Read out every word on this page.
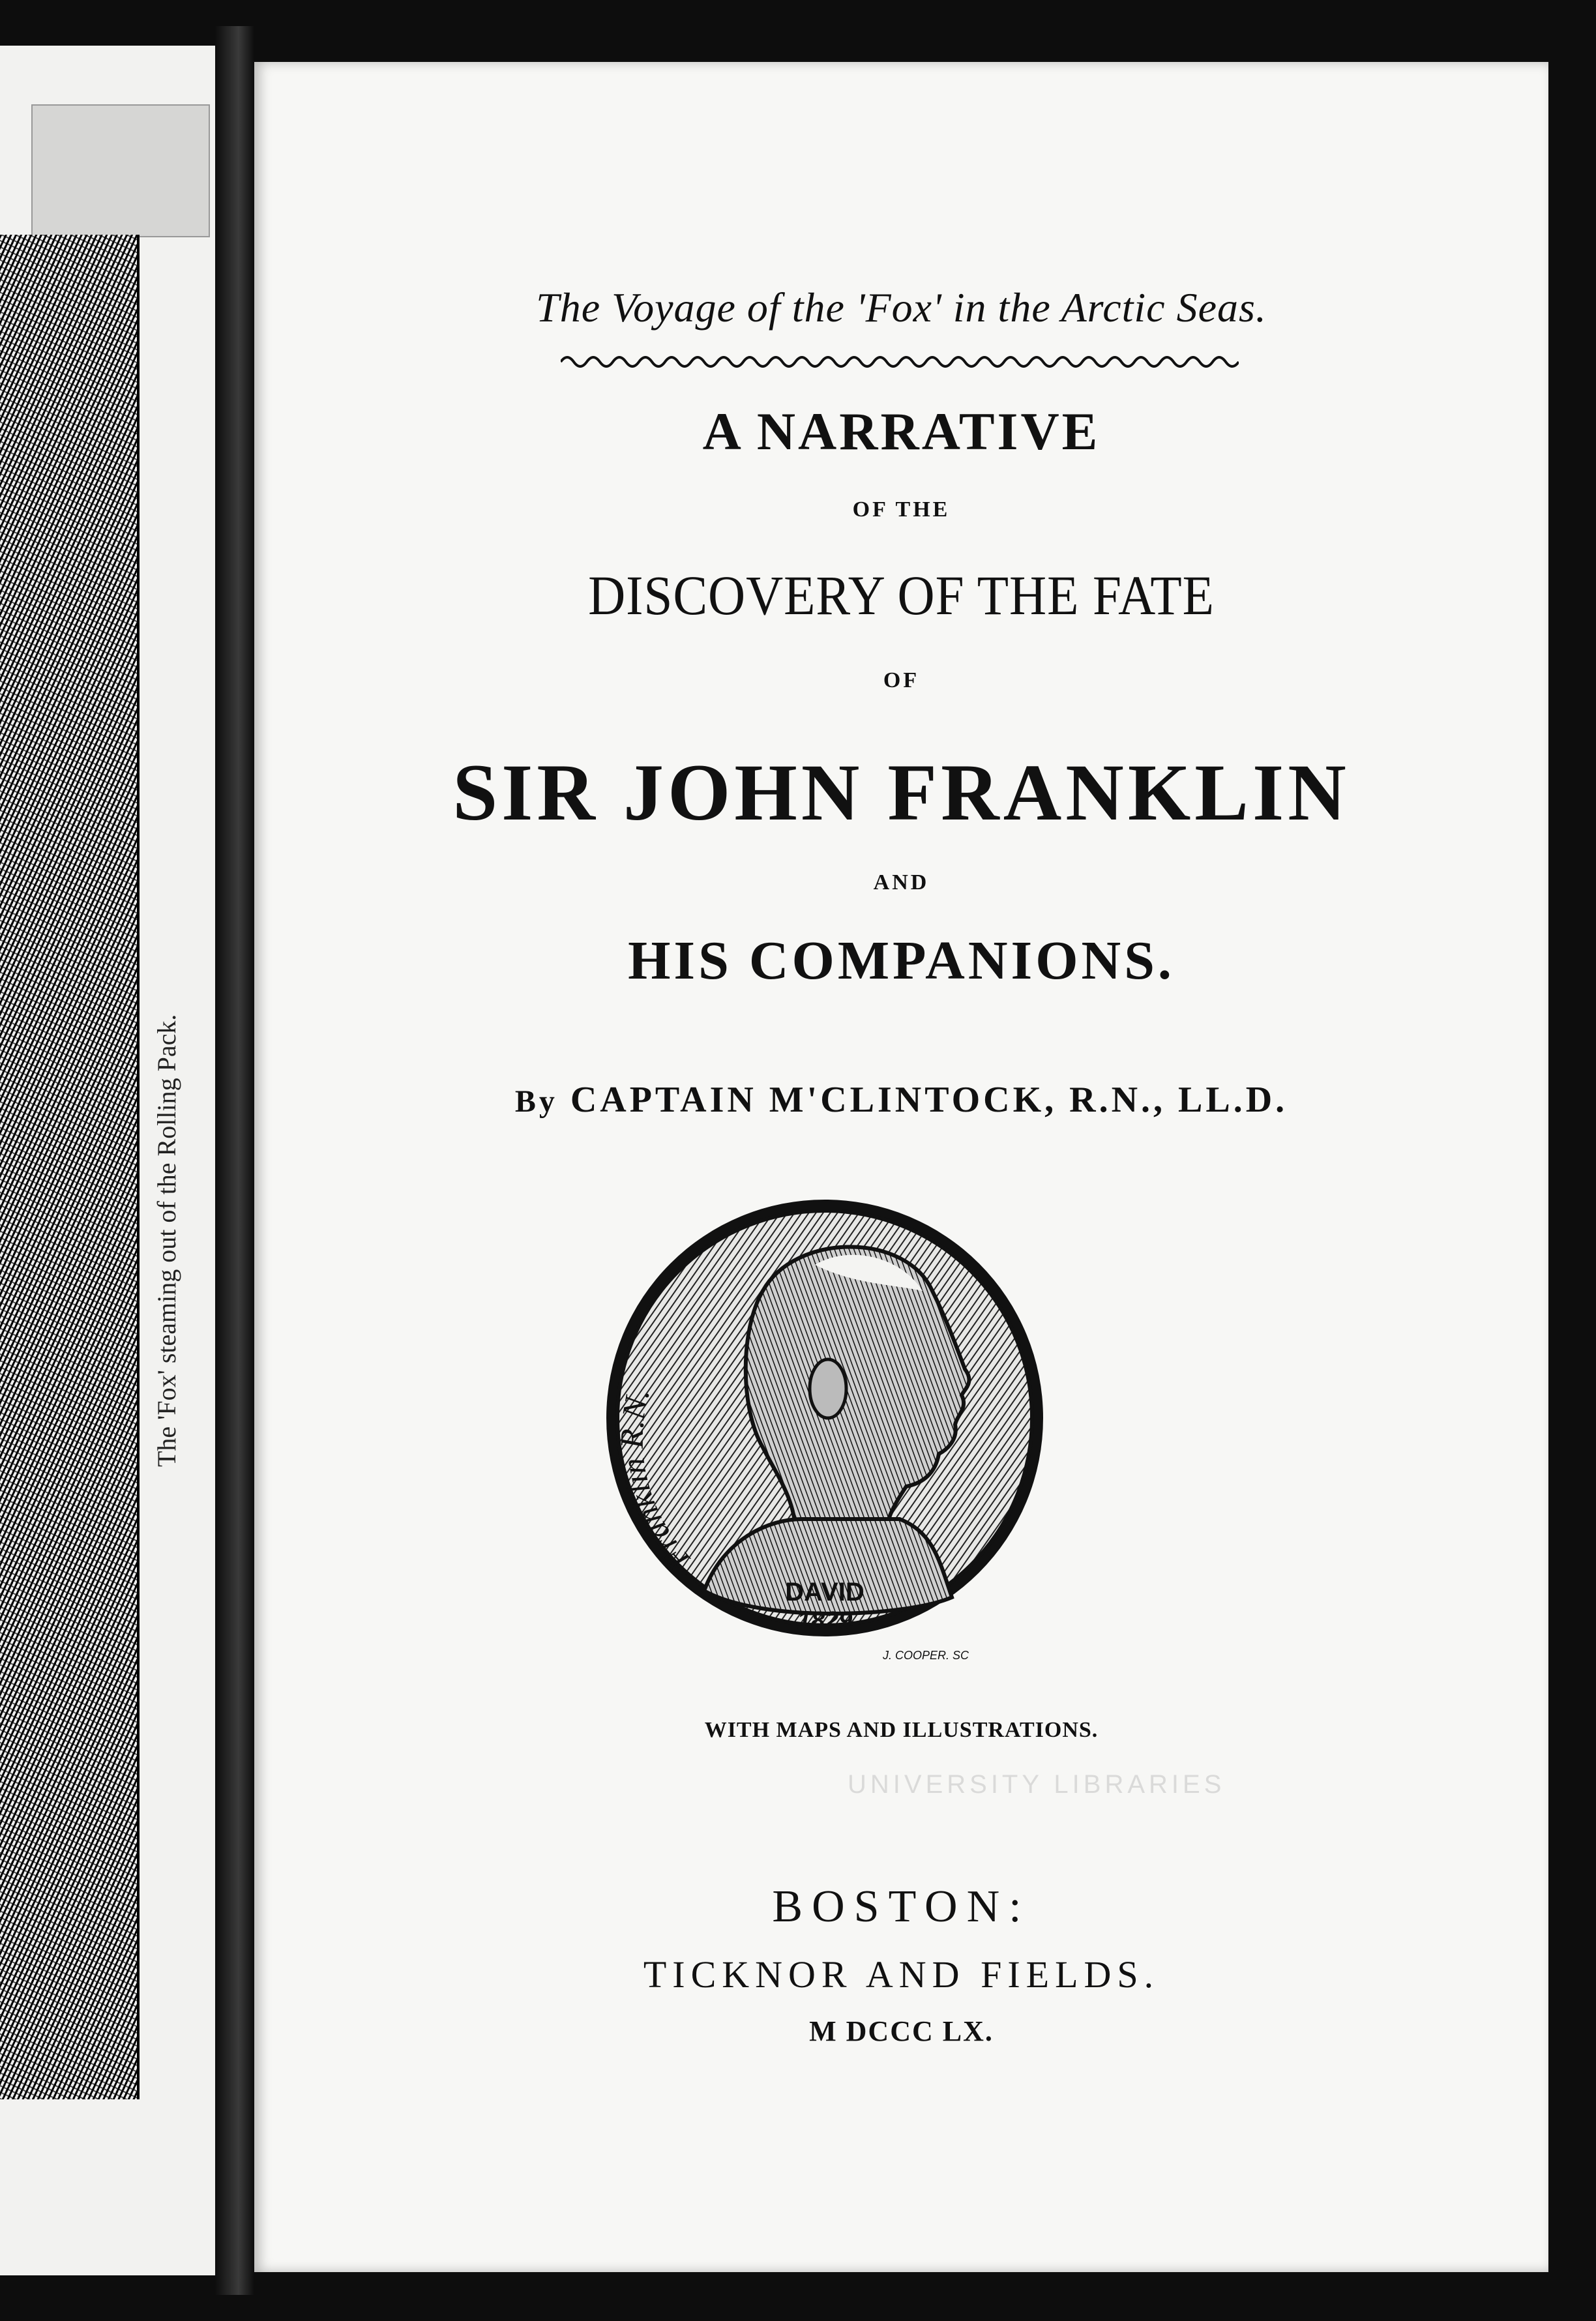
The 'Fox' steaming out of the Rolling Pack.
The Voyage of the 'Fox' in the Arctic Seas.
A NARRATIVE
OF THE
DISCOVERY OF THE FATE
OF
SIR JOHN FRANKLIN
AND
HIS COMPANIONS.
By CAPTAIN M'CLINTOCK, R.N., LL.D.
Franklin R.N.
DAVID
1829
J. COOPER. SC
WITH MAPS AND ILLUSTRATIONS.
UNIVERSITY LIBRARIES
BOSTON:
TICKNOR AND FIELDS.
M DCCC LX.
